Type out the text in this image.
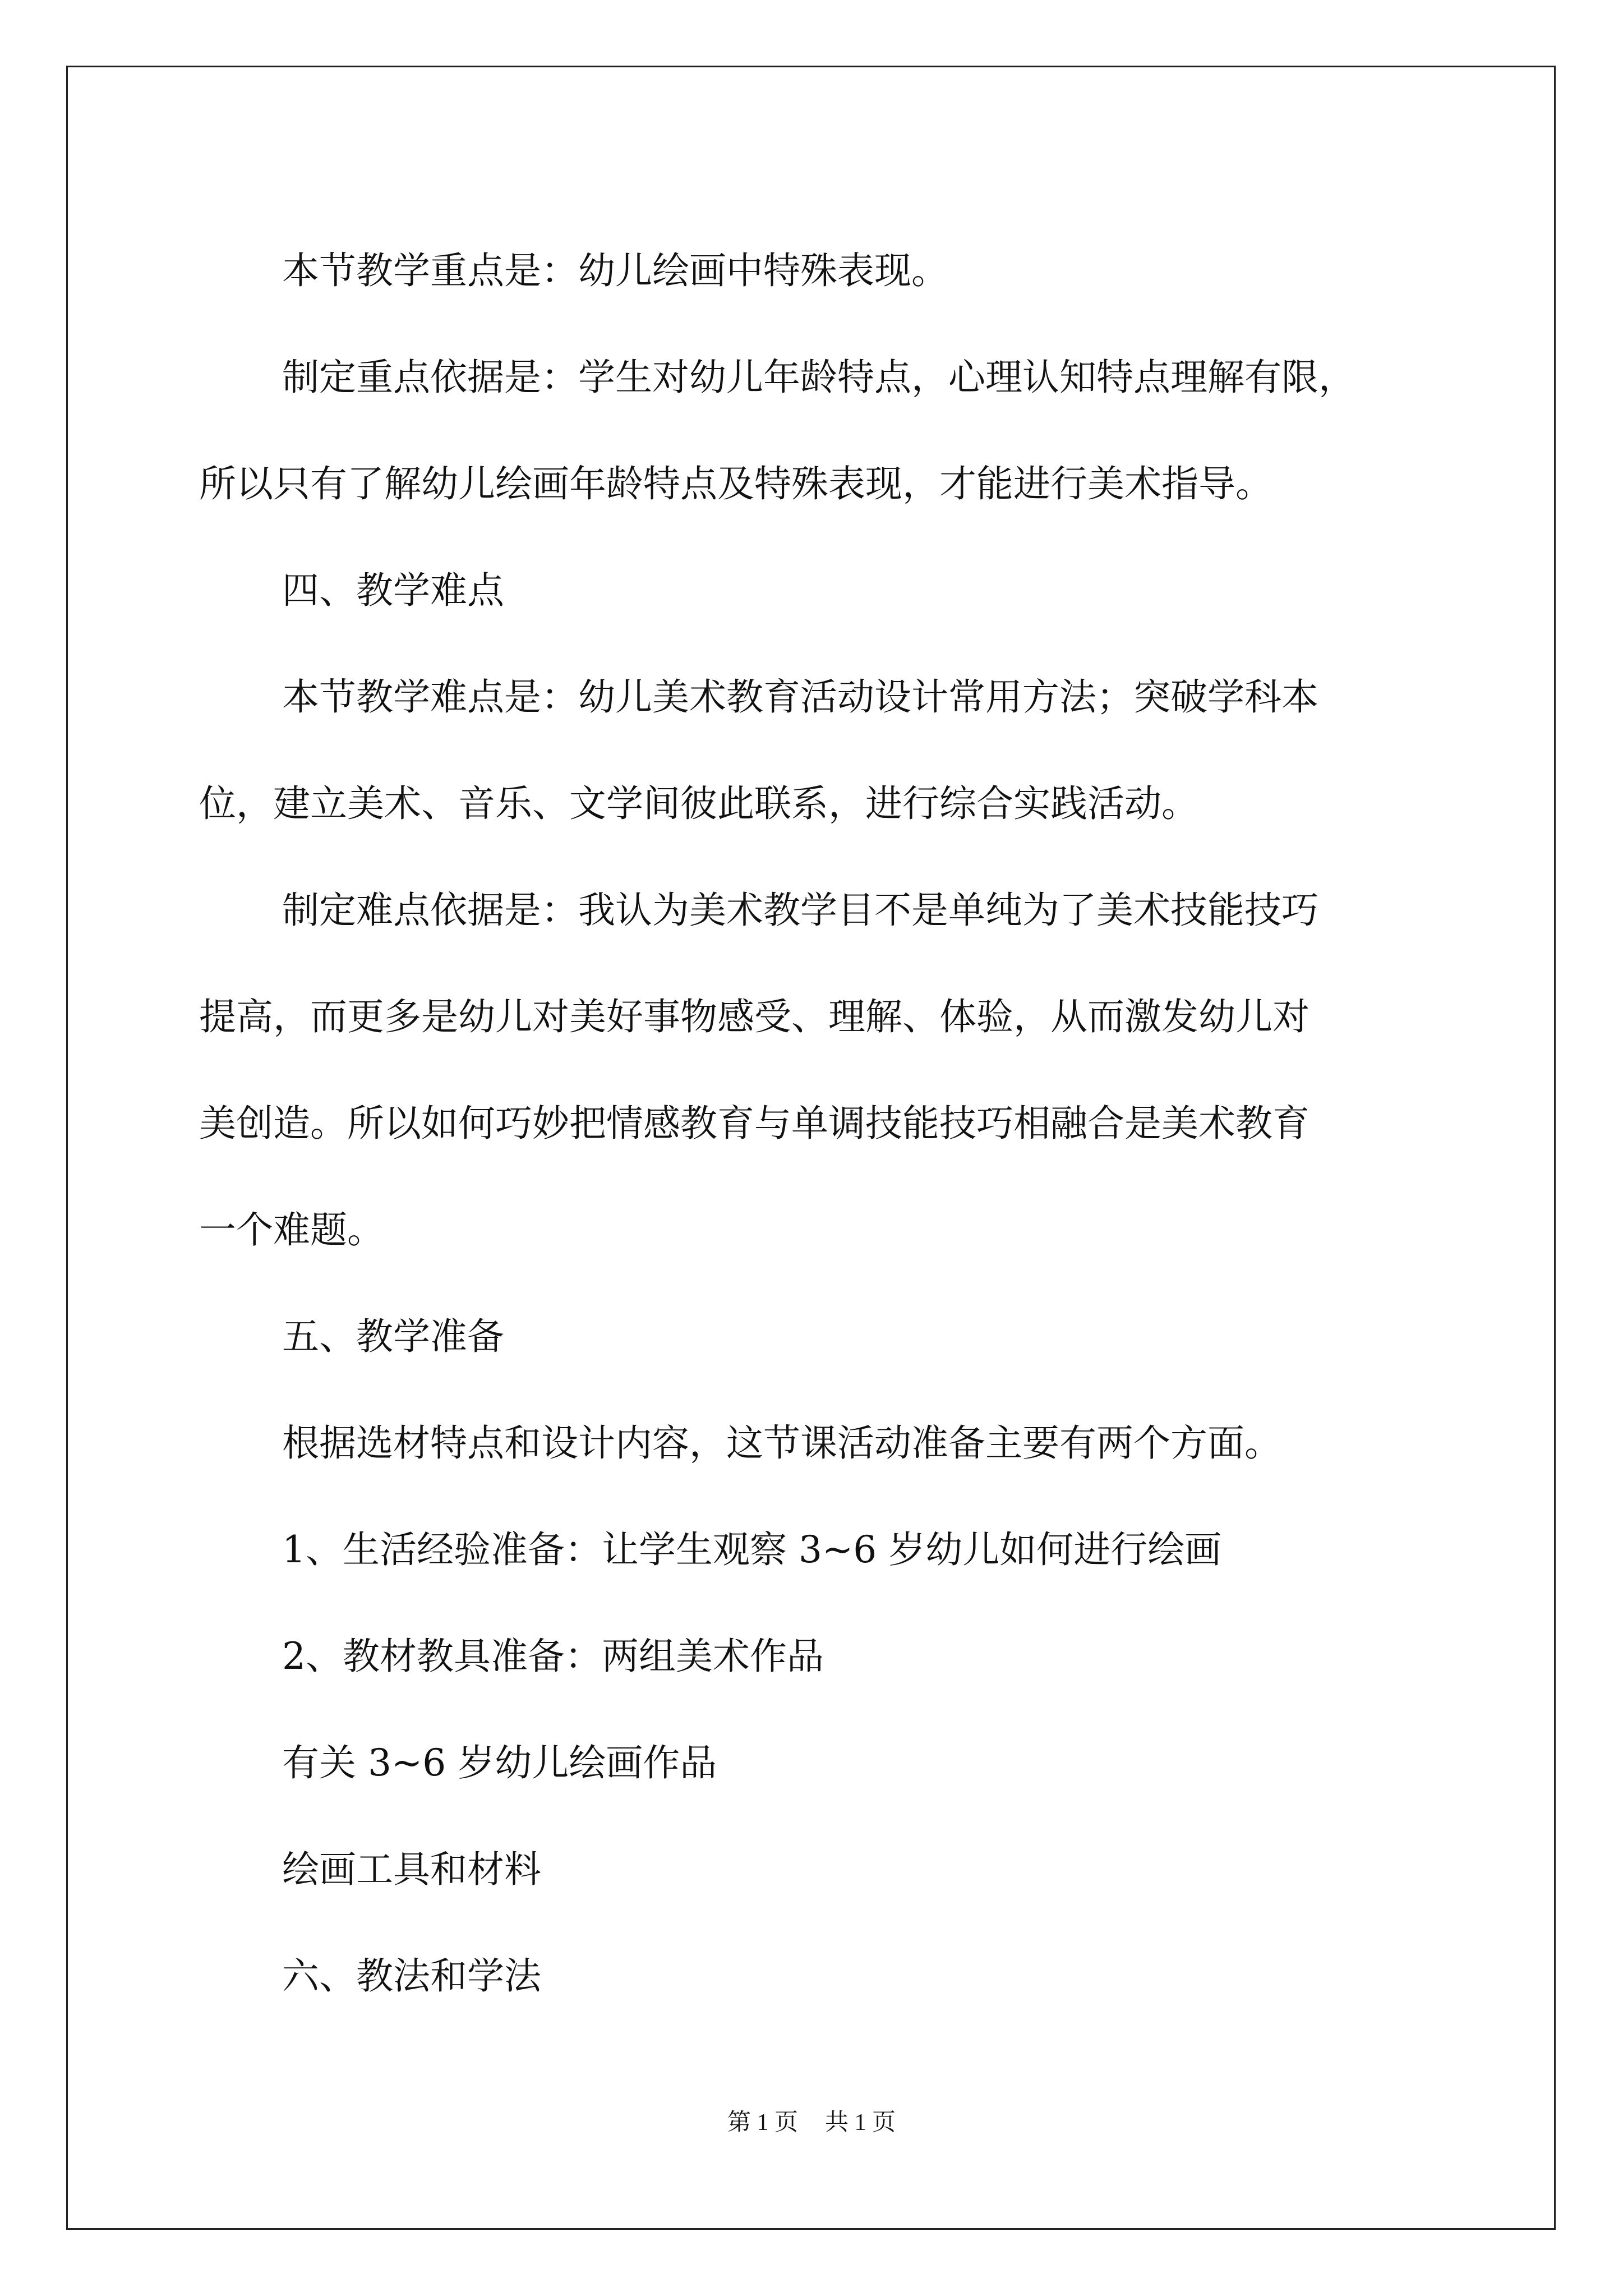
本节教学重点是：幼儿绘画中特殊表现。

制定重点依据是：学生对幼儿年龄特点，心理认知特点理解有限，
所以只有了解幼儿绘画年龄特点及特殊表现，才能进行美术指导。

四、教学难点

本节教学难点是：幼儿美术教育活动设计常用方法；突破学科本
位，建立美术、音乐、文学间彼此联系，进行综合实践活动。

制定难点依据是：我认为美术教学目不是单纯为了美术技能技巧
提高，而更多是幼儿对美好事物感受、理解、体验，从而激发幼儿对
美创造。所以如何巧妙把情感教育与单调技能技巧相融合是美术教育
一个难题。

五、教学准备

根据选材特点和设计内容，这节课活动准备主要有两个方面。

1、生活经验准备：让学生观察 3~6 岁幼儿如何进行绘画

2、教材教具准备：两组美术作品

有关 3~6 岁幼儿绘画作品

绘画工具和材料

六、教法和学法

第 1 页 共 1 页
